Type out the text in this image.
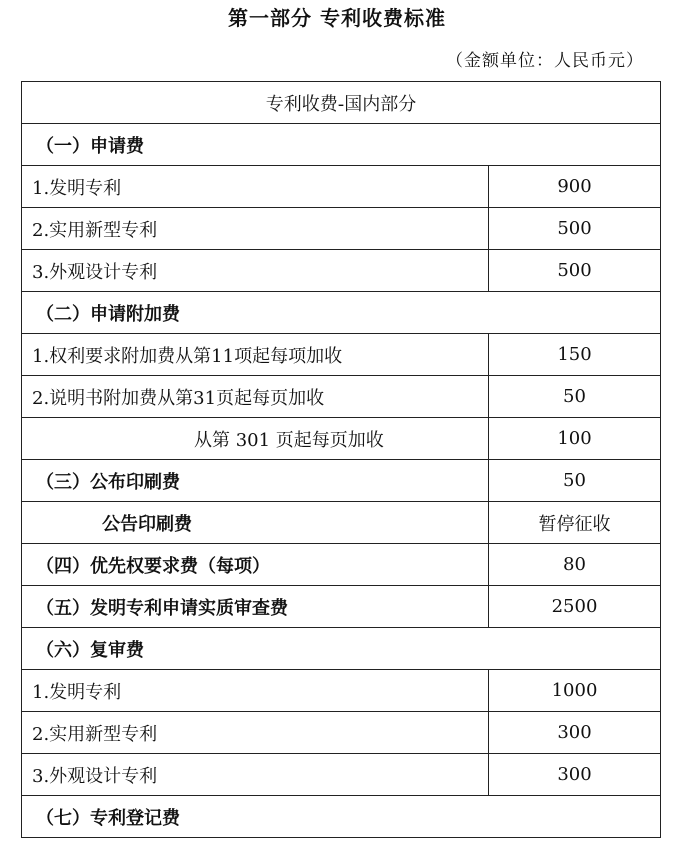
第一部分 专利收费标准
（金额单位：人民币元）
专利收费-国内部分	
（一）申请费	
1.发明专利	900
2.实用新型专利	500
3.外观设计专利	500
（二）申请附加费	
1.权利要求附加费从第11项起每项加收	150
2.说明书附加费从第31页起每页加收	50
从第 301 页起每页加收	100
（三）公布印刷费	50
公告印刷费	暂停征收
（四）优先权要求费（每项）	80
（五）发明专利申请实质审查费	2500
（六）复审费	
1.发明专利	1000
2.实用新型专利	300
3.外观设计专利	300
（七）专利登记费	
